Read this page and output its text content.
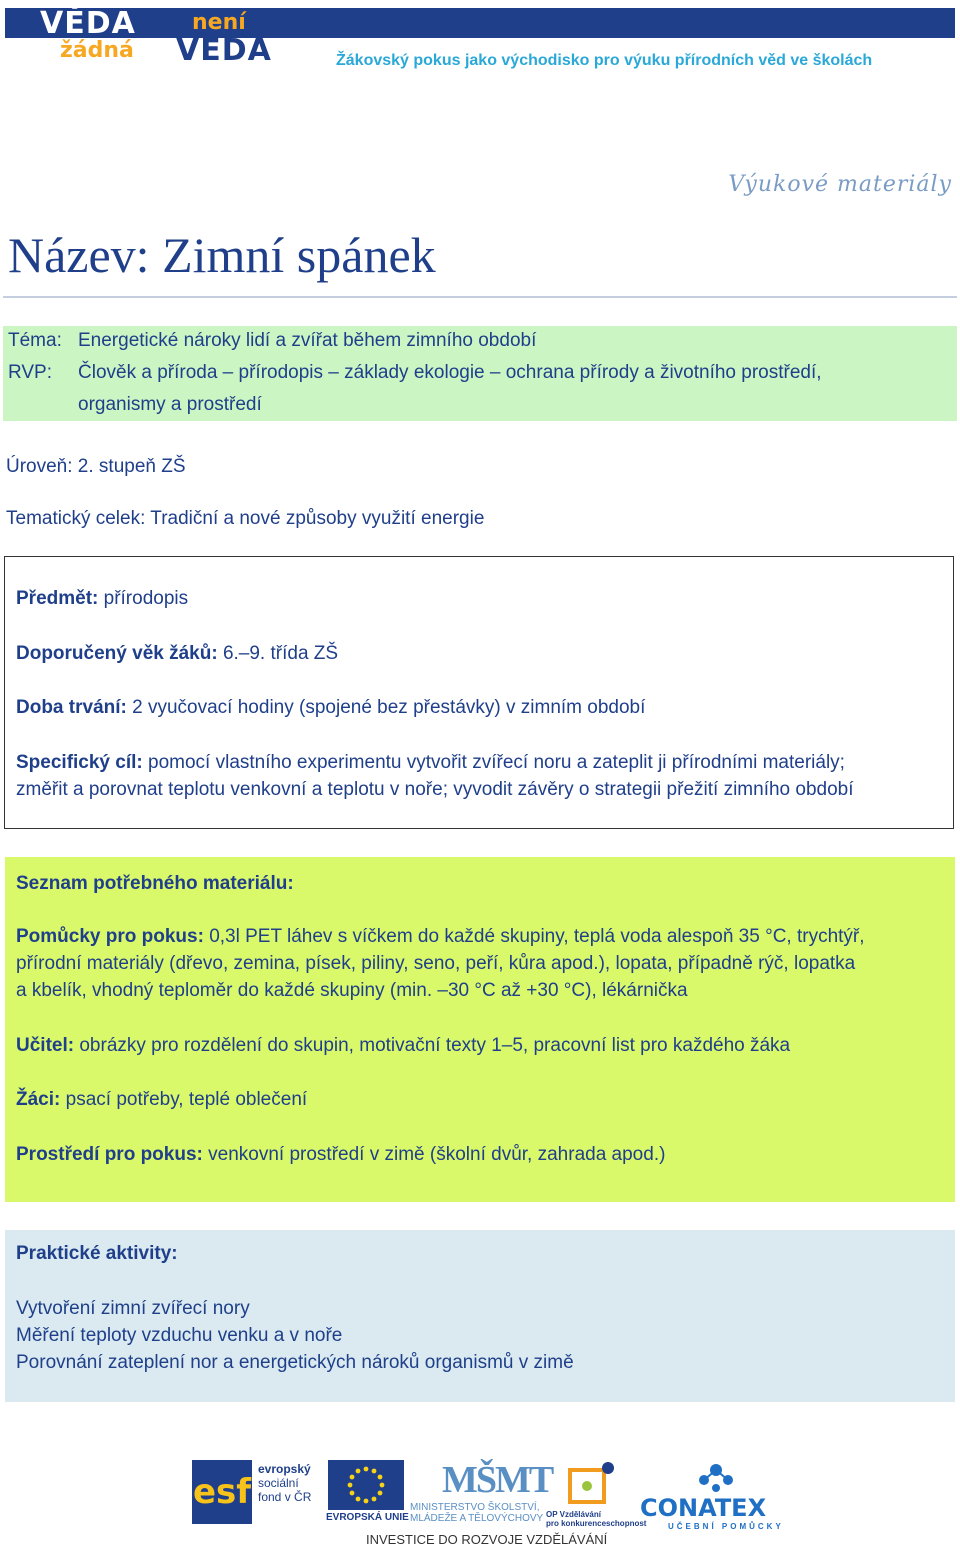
VĚDA	není
žádná VĚDA	Žákovský pokus jako východisko pro výuku přírodních věd ve školách
Výukové materiály
Název: Zimní spánek
Téma: Energetické nároky lidí a zvířat během zimního období
RVP: Člověk a příroda – přírodopis – základy ekologie – ochrana přírody a životního prostředí,
organismy a prostředí
Úroveň: 2. stupeň ZŠ
Tematický celek: Tradiční a nové způsoby využití energie
Předmět: přírodopis
Doporučený věk žáků: 6.–9. třída ZŠ
Doba trvání: 2 vyučovací hodiny (spojené bez přestávky) v zimním období
Specifický cíl: pomocí vlastního experimentu vytvořit zvířecí noru a zateplit ji přírodními materiály;
změřit a porovnat teplotu venkovní a teplotu v noře; vyvodit závěry o strategii přežití zimního období
Seznam potřebného materiálu:
Pomůcky pro pokus: 0,3l PET láhev s víčkem do každé skupiny, teplá voda alespoň 35 °C, trychtýř,
přírodní materiály (dřevo, zemina, písek, piliny, seno, peří, kůra apod.), lopata, případně rýč, lopatka
a kbelík, vhodný teploměr do každé skupiny (min. –30 °C až +30 °C), lékárnička
Učitel: obrázky pro rozdělení do skupin, motivační texty 1–5, pracovní list pro každého žáka
Žáci: psací potřeby, teplé oblečení
Prostředí pro pokus: venkovní prostředí v zimě (školní dvůr, zahrada apod.)
Praktické aktivity:
Vytvoření zimní zvířecí nory
Měření teploty vzduchu venku a v noře
Porovnání zateplení nor a energetických nároků organismů v zimě
esf
evropský
sociální
fond v ČR
EVROPSKÁ UNIE
MŠMT
MINISTERSTVO ŠKOLSTVÍ,
MLÁDEŽE A TĚLOVÝCHOVY OP Vzdělávání
pro konkurenceschopnost
CONATEX
UČEBNÍ POMŮCKY
INVESTICE DO ROZVOJE VZDĚLÁVÁNÍ
